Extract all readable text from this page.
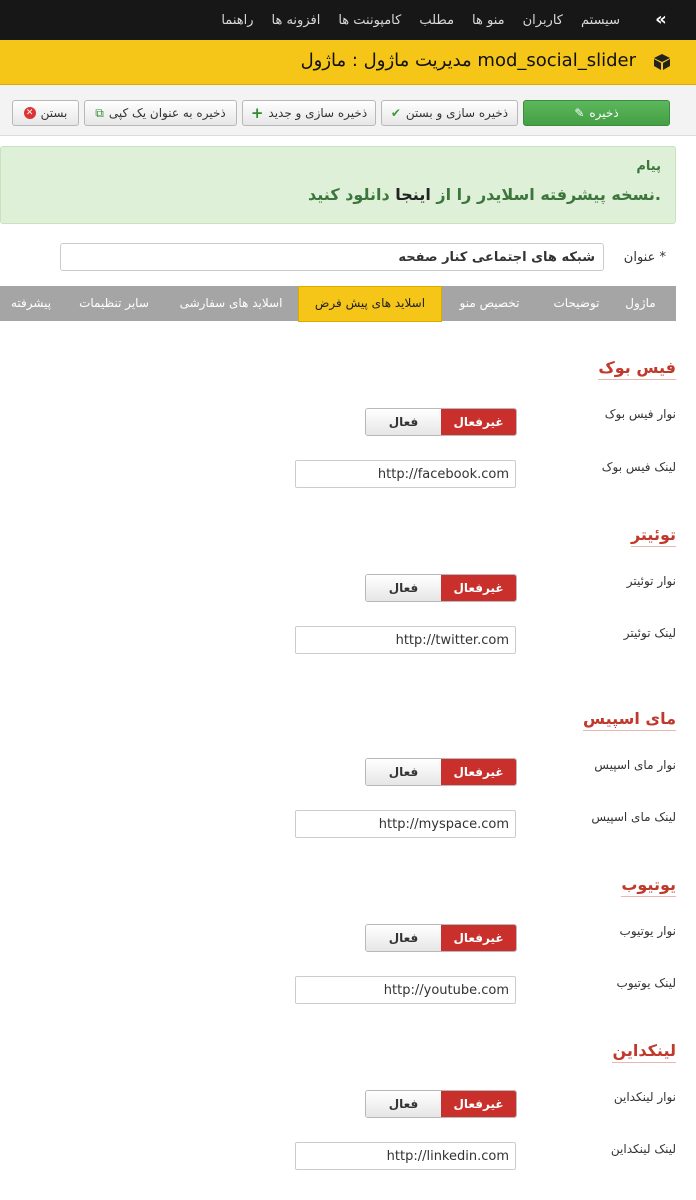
«
سیستم
کاربران
منو ها
مطلب
کامپوننت ها
افزونه ها
راهنما
مدیریت ماژول : ماژول mod_social_slider
✎ ذخیره
✔ ذخیره سازی و بستن
+ ذخیره سازی و جدید
⧉ ذخیره به عنوان یک کپی
✕ بستن
پیام
نسخه پیشرفته اسلایدر را از اینجا دانلود کنید.
عنوان *
شبکه های اجتماعی کنار صفحه
ماژول
توضیحات
تخصیص منو
اسلاید های پیش فرض
اسلاید های سفارشی
سایر تنظیمات
پیشرفته
فیس بوک
نوار فیس بوک
غیرفعال
فعال
لینک فیس بوک
http://facebook.com
توئیتر
نوار توئیتر
غیرفعال
فعال
لینک توئیتر
http://twitter.com
مای اسپیس
نوار مای اسپیس
غیرفعال
فعال
لینک مای اسپیس
http://myspace.com
یوتیوب
نوار یوتیوب
غیرفعال
فعال
لینک یوتیوب
http://youtube.com
لینکداین
نوار لینکداین
غیرفعال
فعال
لینک لینکداین
http://linkedin.com
